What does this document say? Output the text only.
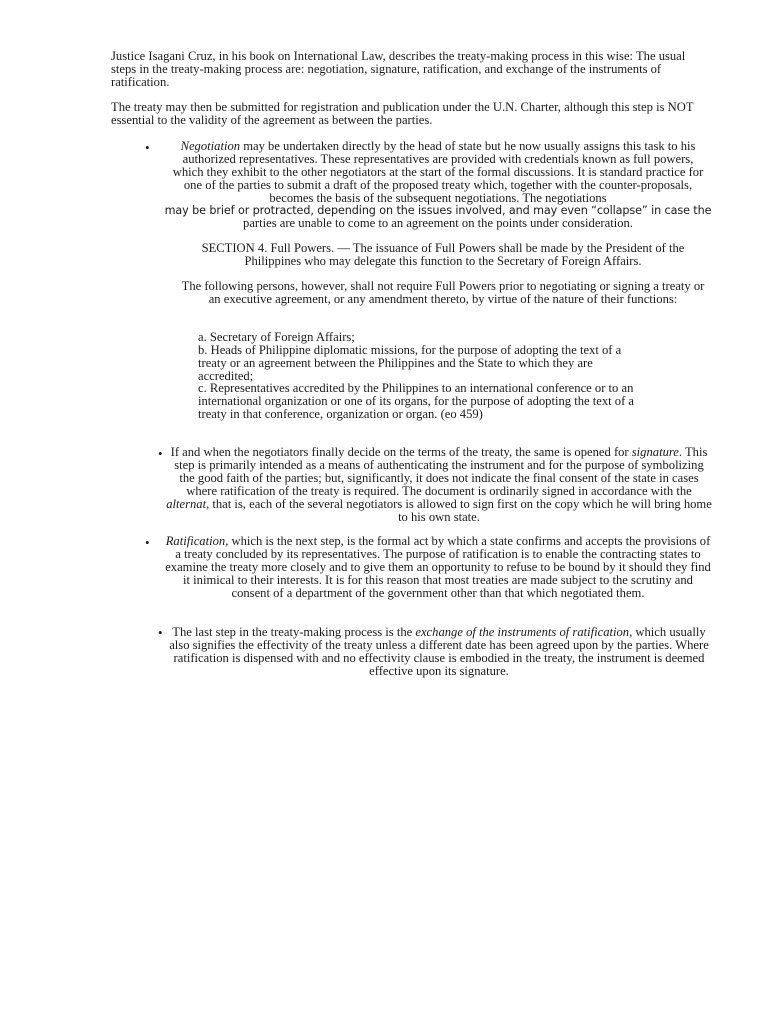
Justice Isagani Cruz, in his book on International Law, describes the treaty-making process in this wise: The usual steps in the treaty-making process are: negotiation, signature, ratification, and exchange of the instruments of ratification.

The treaty may then be submitted for registration and publication under the U.N. Charter, although this step is NOT essential to the validity of the agreement as between the parties.

•	Negotiation may be undertaken directly by the head of state but he now usually assigns this task to his authorized representatives. These representatives are provided with credentials known as full powers, which they exhibit to the other negotiators at the start of the formal discussions. It is standard practice for one of the parties to submit a draft of the proposed treaty which, together with the counter-proposals, becomes the basis of the subsequent negotiations. The negotiations
may be brief or protracted, depending on the issues involved, and may even “collapse” in case the
parties are unable to come to an agreement on the points under consideration.

SECTION 4. Full Powers. — The issuance of Full Powers shall be made by the President of the Philippines who may delegate this function to the Secretary of Foreign Affairs.

The following persons, however, shall not require Full Powers prior to negotiating or signing a treaty or an executive agreement, or any amendment thereto, by virtue of the nature of their functions:

a. Secretary of Foreign Affairs;

b. Heads of Philippine diplomatic missions, for the purpose of adopting the text of a treaty or an agreement between the Philippines and the State to which they are accredited;

c. Representatives accredited by the Philippines to an international conference or to an international organization or one of its organs, for the purpose of adopting the text of a treaty in that conference, organization or organ. (eo 459)

• If and when the negotiators finally decide on the terms of the treaty, the same is opened for signature. This step is primarily intended as a means of authenticating the instrument and for the purpose of symbolizing the good faith of the parties; but, significantly, it does not indicate the final consent of the state in cases where ratification of the treaty is required. The document is ordinarily signed in accordance with the alternat, that is, each of the several negotiators is allowed to sign first on the copy which he will bring home to his own state.

• Ratification, which is the next step, is the formal act by which a state confirms and accepts the provisions of a treaty concluded by its representatives. The purpose of ratification is to enable the contracting states to examine the treaty more closely and to give them an opportunity to refuse to be bound by it should they find it inimical to their interests. It is for this reason that most treaties are made subject to the scrutiny and consent of a department of the government other than that which negotiated them.

• The last step in the treaty-making process is the exchange of the instruments of ratification, which usually also signifies the effectivity of the treaty unless a different date has been agreed upon by the parties. Where ratification is dispensed with and no effectivity clause is embodied in the treaty, the instrument is deemed effective upon its signature.
